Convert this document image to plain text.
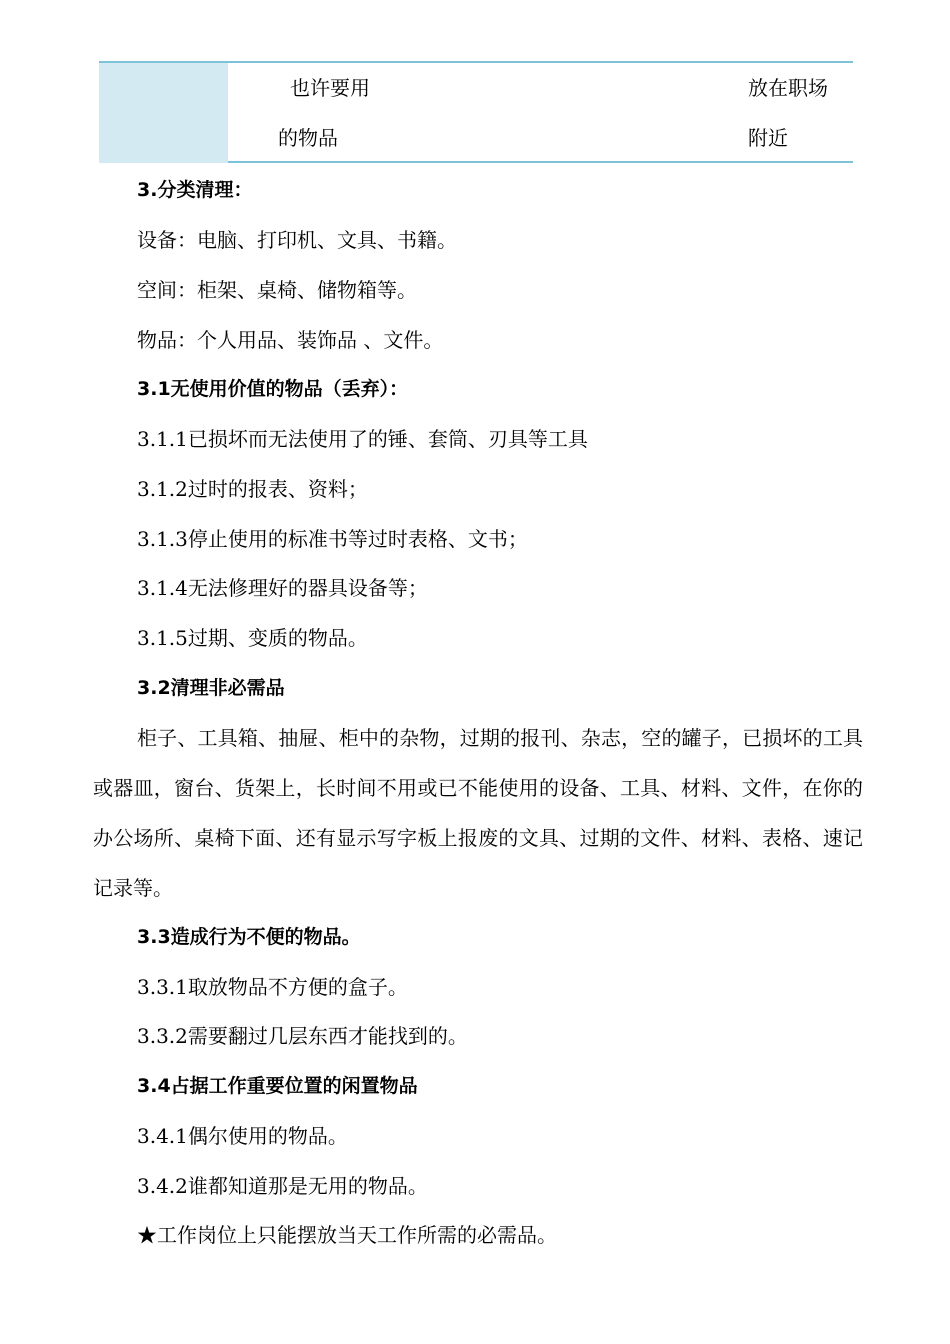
也许要用
的物品
放在职场
附近
3.分类清理：
设备：电脑、打印机、文具、书籍。
空间：柜架、桌椅、储物箱等。
物品：个人用品、装饰品 、文件。
3.1无使用价值的物品（丢弃）：
3.1.1已损坏而无法使用了的锤、套筒、刃具等工具
3.1.2过时的报表、资料；
3.1.3停止使用的标准书等过时表格、文书；
3.1.4无法修理好的器具设备等；
3.1.5过期、变质的物品。
3.2清理非必需品
柜子、工具箱、抽屉、柜中的杂物，过期的报刊、杂志，空的罐子，已损坏的工具或器皿，窗台、货架上，长时间不用或已不能使用的设备、工具、材料、文件，在你的办公场所、桌椅下面、还有显示写字板上报废的文具、过期的文件、材料、表格、速记记录等。
3.3造成行为不便的物品。
3.3.1取放物品不方便的盒子。
3.3.2需要翻过几层东西才能找到的。
3.4占据工作重要位置的闲置物品
3.4.1偶尔使用的物品。
3.4.2谁都知道那是无用的物品。
★工作岗位上只能摆放当天工作所需的必需品。
